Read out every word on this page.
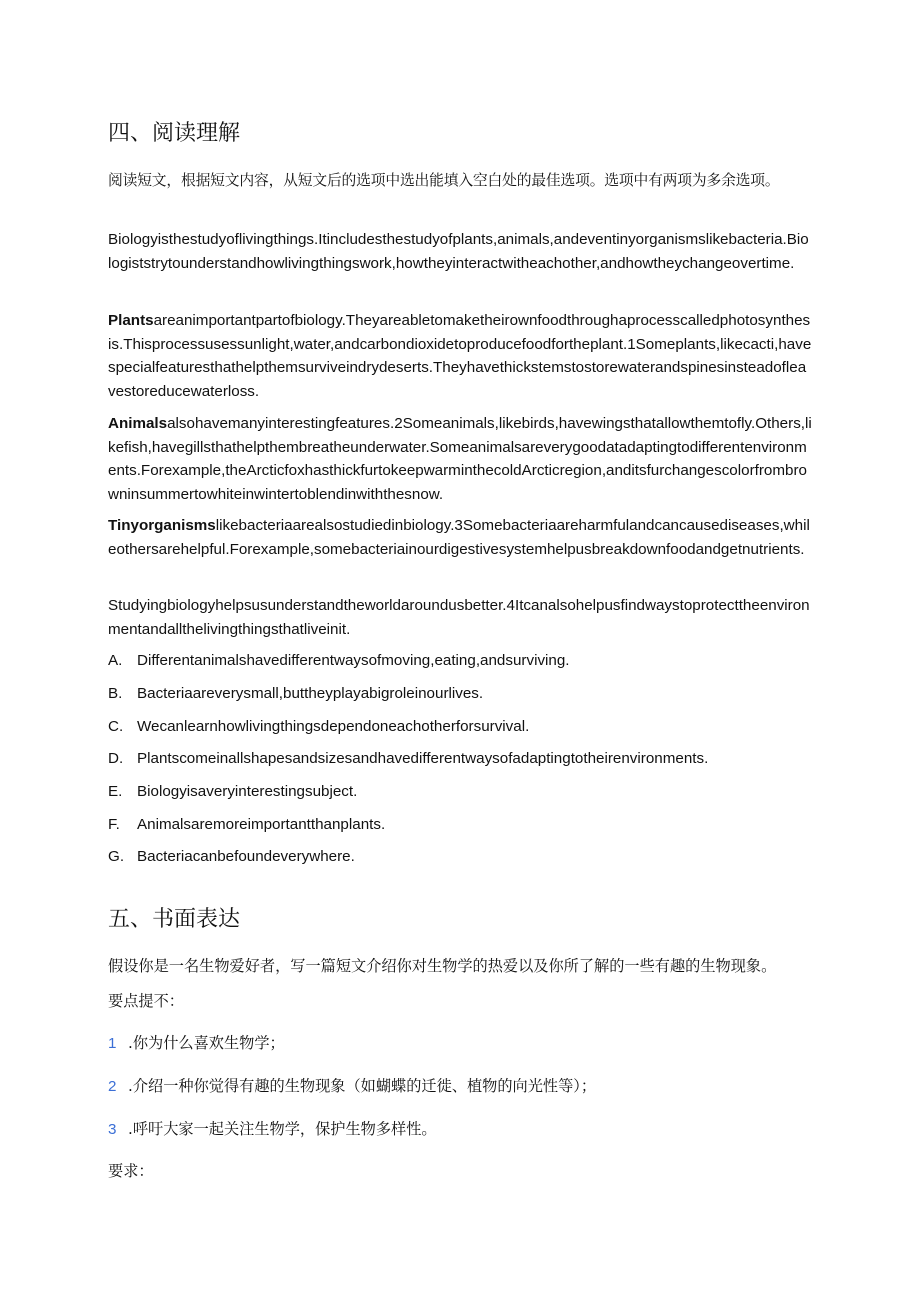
四、阅读理解
阅读短文，根据短文内容，从短文后的选项中选出能填入空白处的最佳选项。选项中有两项为多余选项。
Biologyisthestudyoflivingthings.Itincludesthestudyofplants,animals,andeventinyorganismslikebacteria.Biologiststrytounderstandhowlivingthingswork,howtheyinteractwitheachother,andhowtheychangeovertime.
Plantsareanimportantpartofbiology.Theyareabletomaketheirownfoodthroughaprocesscalledphotosynthesis.Thisprocessusessunlight,water,andcarbondioxidetoproducefoodfortheplant.1Someplants,likecacti,havespecialfeaturesthathelpthemsurviveindrydeserts.Theyhavethickstemstostorewaterandspinesinsteadofleavestoreducewaterloss.
Animalsalsohavemanyinterestingfeatures.2Someanimals,likebirds,havewingsthatallowthemtofly.Others,likefish,havegillsthathelpthembreatheunderwater.Someanimalsareverygoodatadaptingtodifferentenvironments.Forexample,theArcticfoxhasthickfurtokeepwarminthecoldArcticregion,anditsfurchangescolorfrombrowninsummertowhiteinwintertoblendinwiththesnow.
Tinyorganismslikebacteriaarealsostudiedinbiology.3Somebacteriaareharmfulandcancausediseases,whileothersarehelpful.Forexample,somebacteriainourdigestivesystemhelpusbreakdownfoodandgetnutrients.
Studyingbiologyhelpsusunderstandtheworldaroundusbetter.4Itcanalsohelpusfindwaystoprotecttheenvironmentandallthelivingthingsthatliveinit.
A. Differentanimalshavedifferentwaysofmoving,eating,andsurviving.
B. Bacteriaareverysmall,buttheyplayabigroleinourlives.
C. Wecanlearnhowlivingthingsdependoneachotherforsurvival.
D. Plantscomeinallshapesandsizesandhavedifferentwaysofadaptingtotheirenvironments.
E. Biologyisaveryinterestingsubject.
F. Animalsaremoreimportantthanplants.
G. Bacteriacanbefoundeverywhere.
五、书面表达
假设你是一名生物爱好者，写一篇短文介绍你对生物学的热爱以及你所了解的一些有趣的生物现象。
要点提不：
1 .你为什么喜欢生物学；
2 .介绍一种你觉得有趣的生物现象（如蝴蝶的迁徙、植物的向光性等）；
3 .呼吁大家一起关注生物学，保护生物多样性。
要求：
